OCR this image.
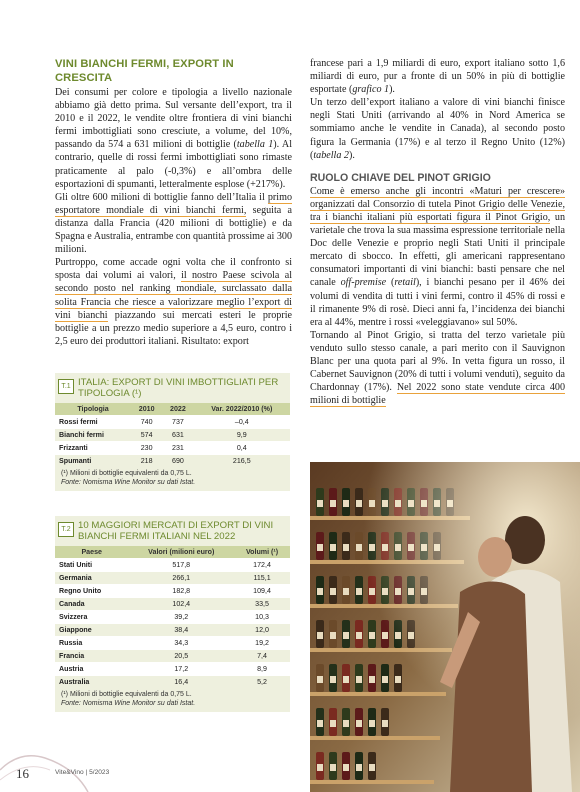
VINI BIANCHI FERMI, EXPORT IN CRESCITA

Dei consumi per colore e tipologia a livello nazionale abbiamo già detto prima. Sul versante dell’export, tra il 2010 e il 2022, le vendite oltre frontiera di vini bianchi fermi imbottigliati sono cresciute, a volume, del 10%, passando da 574 a 631 milioni di bottiglie (tabella 1). Al contrario, quelle di rossi fermi imbottigliati sono rimaste praticamente al palo (-0,3%) e all’ombra delle esportazioni di spumanti, letteralmente esplose (+217%).

Gli oltre 600 milioni di bottiglie fanno dell’Italia il primo esportatore mondiale di vini bianchi fermi, seguita a distanza dalla Francia (420 milioni di bottiglie) e da Spagna e Australia, entrambe con quantità prossime ai 300 milioni.

Purtroppo, come accade ogni volta che il confronto si sposta dai volumi ai valori, il nostro Paese scivola al secondo posto nel ranking mondiale, surclassato dalla solita Francia che riesce a valorizzare meglio l’export di vini bianchi piazzando sui mercati esteri le proprie bottiglie a un prezzo medio superiore a 4,5 euro, contro i 2,5 euro dei produttori italiani. Risultato: export

T.1 ITALIA: EXPORT DI VINI IMBOTTIGLIATI PER TIPOLOGIA (¹)
Tipologia	2010	2022	Var. 2022/2010 (%)
Rossi fermi	740	737	–0,4
Bianchi fermi	574	631	9,9
Frizzanti	230	231	0,4
Spumanti	218	690	216,5
(¹) Milioni di bottiglie equivalenti da 0,75 L.
Fonte: Nomisma Wine Monitor su dati Istat.
T.2 10 MAGGIORI MERCATI DI EXPORT DI VINI BIANCHI FERMI ITALIANI NEL 2022
Paese	Valori (milioni euro)	Volumi (¹)
Stati Uniti	517,8	172,4
Germania	266,1	115,1
Regno Unito	182,8	109,4
Canada	102,4	33,5
Svizzera	39,2	10,3
Giappone	38,4	12,0
Russia	34,3	19,2
Francia	20,5	7,4
Austria	17,2	8,9
Australia	16,4	5,2
(¹) Milioni di bottiglie equivalenti da 0,75 L.
Fonte: Nomisma Wine Monitor su dati Istat.

francese pari a 1,9 miliardi di euro, export italiano sotto 1,6 miliardi di euro, pur a fronte di un 50% in più di bottiglie esportate (grafico 1).

Un terzo dell’export italiano a valore di vini bianchi finisce negli Stati Uniti (arrivando al 40% in Nord America se sommiamo anche le vendite in Canada), al secondo posto figura la Germania (17%) e al terzo il Regno Unito (12%) (tabella 2).

RUOLO CHIAVE DEL PINOT GRIGIO

Come è emerso anche gli incontri «Maturi per crescere» organizzati dal Consorzio di tutela Pinot Grigio delle Venezie, tra i bianchi italiani più esportati figura il Pinot Grigio, un varietale che trova la sua massima espressione territoriale nella Doc delle Venezie e proprio negli Stati Uniti il principale mercato di sbocco. In effetti, gli americani rappresentano consumatori importanti di vini bianchi: basti pensare che nel canale off-premise (retail), i bianchi pesano per il 46% dei volumi di vendita di tutti i vini fermi, contro il 45% di rossi e il rimanente 9% di rosè. Dieci anni fa, l’incidenza dei bianchi era al 44%, mentre i rossi «veleggiavano» sul 50%.

Tornando al Pinot Grigio, si tratta del terzo varietale più venduto sullo stesso canale, a pari merito con il Sauvignon Blanc per una quota pari al 9%. In vetta figura un rosso, il Cabernet Sauvignon (20% di tutti i volumi venduti), seguito da Chardonnay (17%). Nel 2022 sono state vendute circa 400 milioni di bottiglie

16	Vite&Vino | 5/2023
